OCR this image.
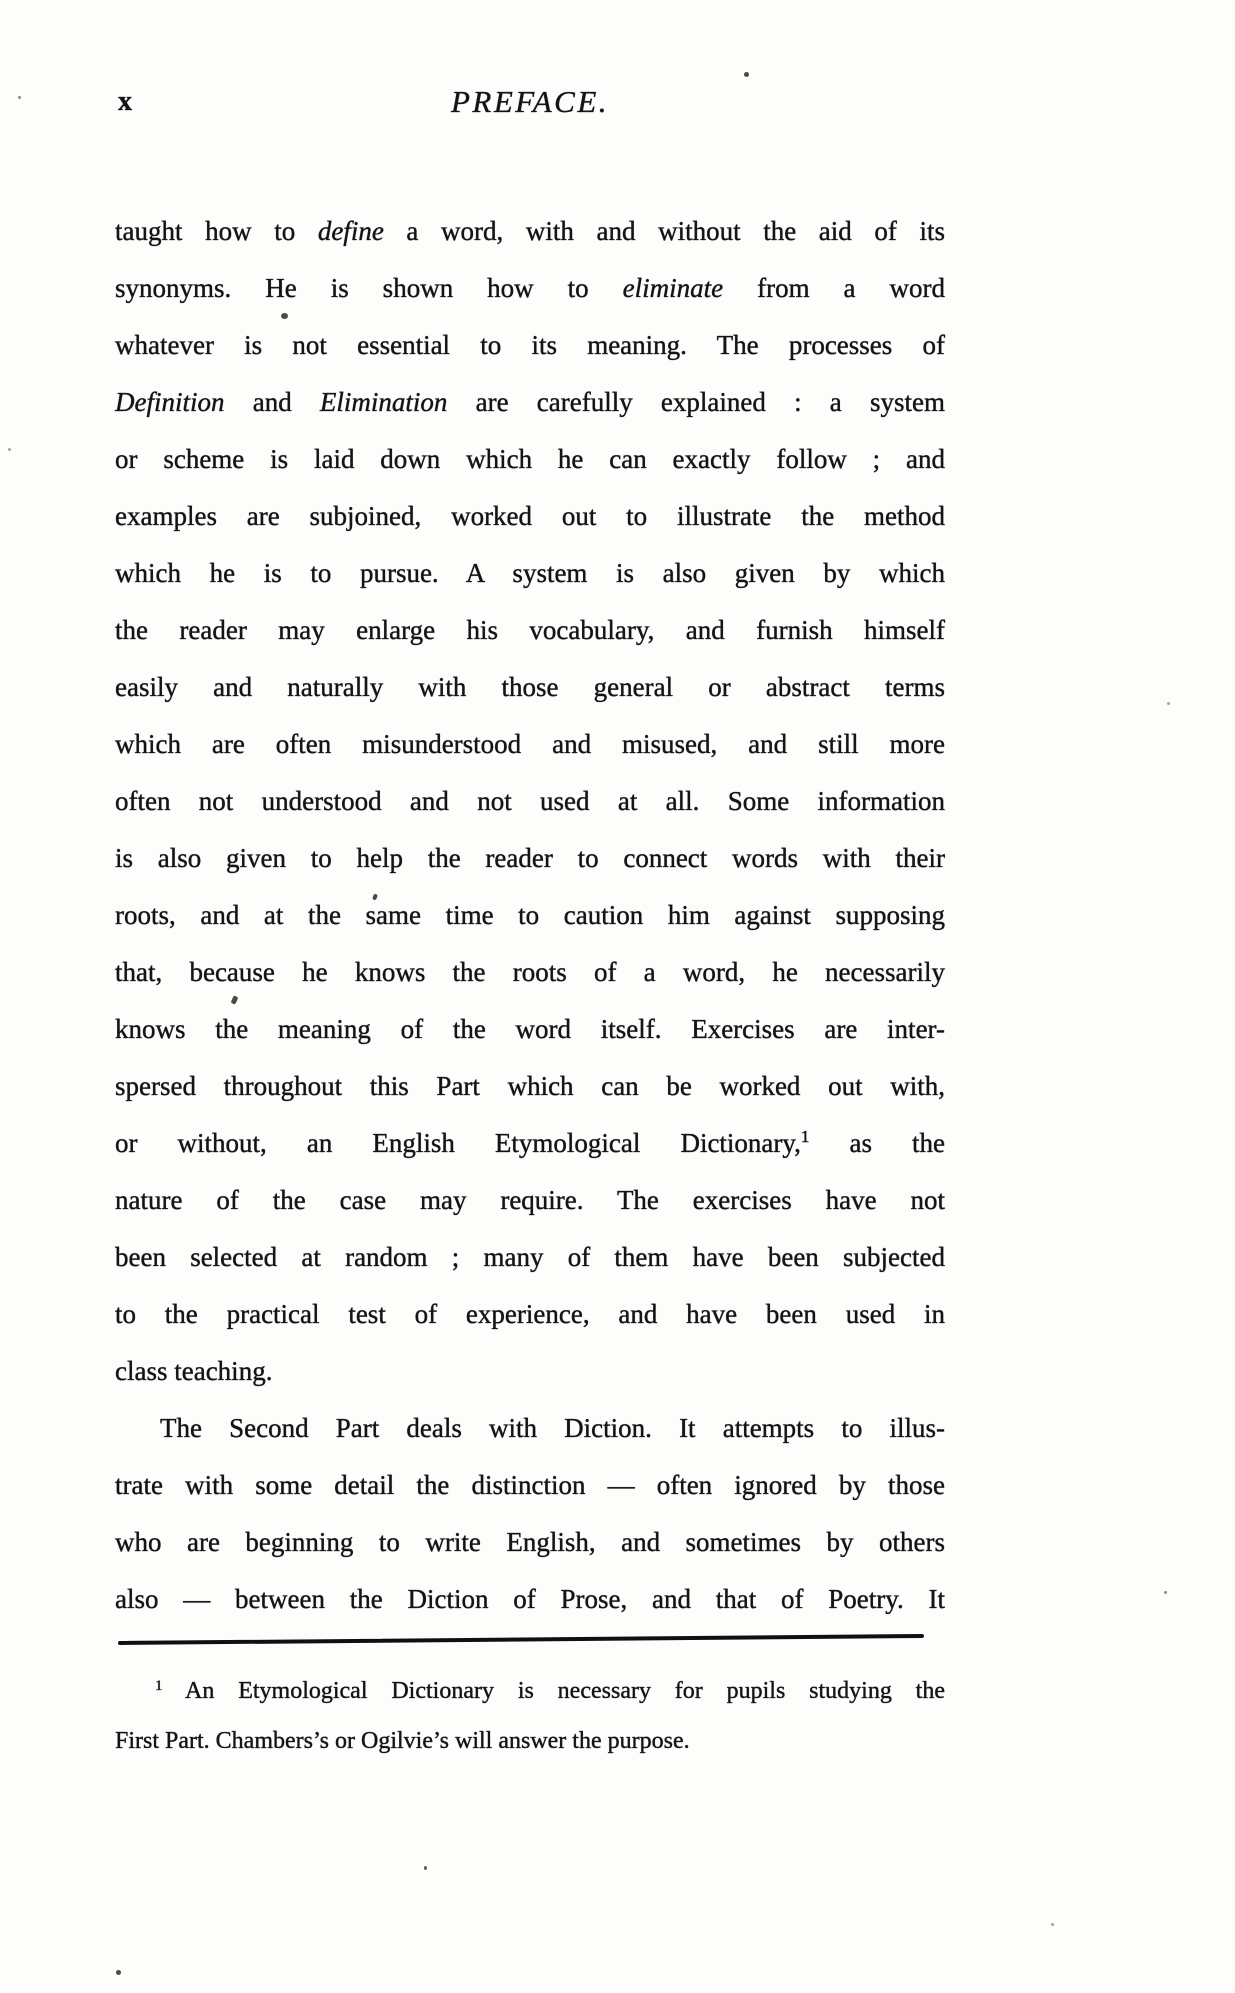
x	PREFACE.
taught how to define a word, with and without the aid of its
synonyms. He is shown how to eliminate from a word
whatever is not essential to its meaning. The processes of
Definition and Elimination are carefully explained : a system
or scheme is laid down which he can exactly follow ; and
examples are subjoined, worked out to illustrate the method
which he is to pursue. A system is also given by which
the reader may enlarge his vocabulary, and furnish himself
easily and naturally with those general or abstract terms
which are often misunderstood and misused, and still more
often not understood and not used at all. Some information
is also given to help the reader to connect words with their
roots, and at the same time to caution him against supposing
that, because he knows the roots of a word, he necessarily
knows the meaning of the word itself. Exercises are inter-
spersed throughout this Part which can be worked out with,
or without, an English Etymological Dictionary,$^1$ as the
nature of the case may require. The exercises have not
been selected at random ; many of them have been subjected
to the practical test of experience, and have been used in
class teaching.
The Second Part deals with Diction. It attempts to illus-
trate with some detail the distinction — often ignored by those
who are beginning to write English, and sometimes by others
also — between the Diction of Prose, and that of Poetry. It
$^1$ An Etymological Dictionary is necessary for pupils studying the
First Part. Chambers’s or Ogilvie’s will answer the purpose.
